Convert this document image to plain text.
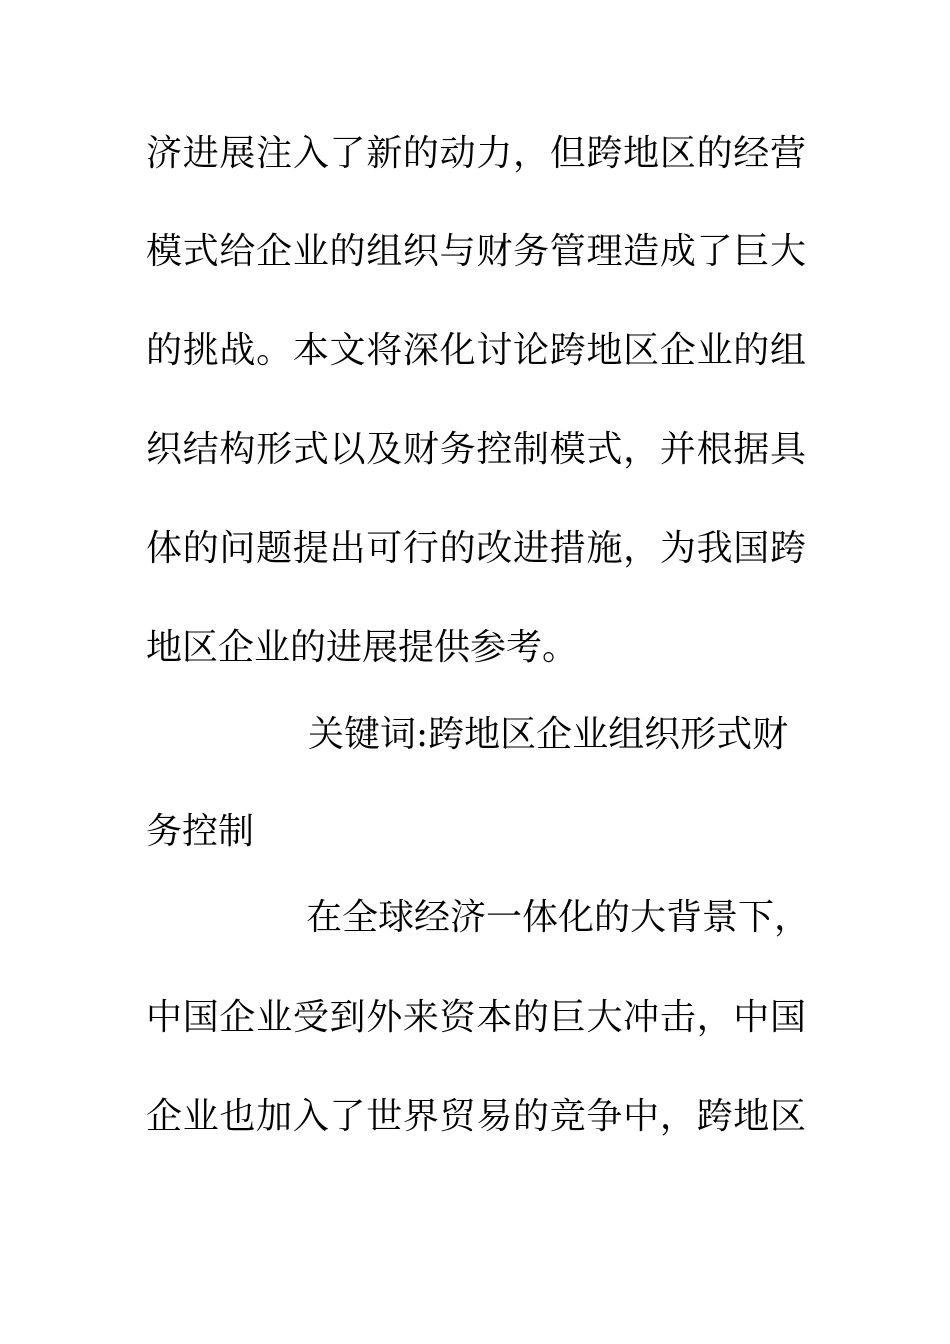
济进展注入了新的动力，但跨地区的经营
模式给企业的组织与财务管理造成了巨大
的挑战。本文将深化讨论跨地区企业的组
织结构形式以及财务控制模式，并根据具
体的问题提出可行的改进措施，为我国跨
地区企业的进展提供参考。
关键词:跨地区企业组织形式财
务控制
在全球经济一体化的大背景下，
中国企业受到外来资本的巨大冲击，中国
企业也加入了世界贸易的竞争中，跨地区
